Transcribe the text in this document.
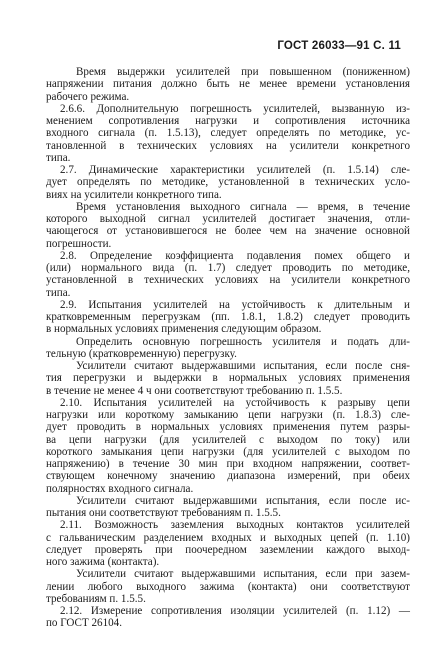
ГОСТ 26033—91 С. 11
Время выдержки усилителей при повышенном (пониженном)
напряжении питания должно быть не менее времени установления
рабочего режима.
2.6.6. Дополнительную погрешность усилителей, вызванную из-
менением сопротивления нагрузки и сопротивления источника
входного сигнала (п. 1.5.13), следует определять по методике, ус-
тановленной в технических условиях на усилители конкретного
типа.
2.7. Динамические характеристики усилителей (п. 1.5.14) сле-
дует определять по методике, установленной в технических усло-
виях на усилители конкретного типа.
Время установления выходного сигнала — время, в течение
которого выходной сигнал усилителей достигает значения, отли-
чающегося от установившегося не более чем на значение основной
погрешности.
2.8. Определение коэффициента подавления помех общего и
(или) нормального вида (п. 1.7) следует проводить по методике,
установленной в технических условиях на усилители конкретного
типа.
2.9. Испытания усилителей на устойчивость к длительным и
кратковременным перегрузкам (пп. 1.8.1, 1.8.2) следует проводить
в нормальных условиях применения следующим образом.
Определить основную погрешность усилителя и подать дли-
тельную (кратковременную) перегрузку.
Усилители считают выдержавшими испытания, если после сня-
тия перегрузки и выдержки в нормальных условиях применения
в течение не менее 4 ч они соответствуют требованию п. 1.5.5.
2.10. Испытания усилителей на устойчивость к разрыву цепи
нагрузки или короткому замыканию цепи нагрузки (п. 1.8.3) сле-
дует проводить в нормальных условиях применения путем разры-
ва цепи нагрузки (для усилителей с выходом по току) или
короткого замыкания цепи нагрузки (для усилителей с выходом по
напряжению) в течение 30 мин при входном напряжении, соответ-
ствующем конечному значению диапазона измерений, при обеих
полярностях входного сигнала.
Усилители считают выдержавшими испытания, если после ис-
пытания они соответствуют требованиям п. 1.5.5.
2.11. Возможность заземления выходных контактов усилителей
с гальваническим разделением входных и выходных цепей (п. 1.10)
следует проверять при поочередном заземлении каждого выход-
ного зажима (контакта).
Усилители считают выдержавшими испытания, если при зазем-
лении любого выходного зажима (контакта) они соответствуют
требованиям п. 1.5.5.
2.12. Измерение сопротивления изоляции усилителей (п. 1.12) —
по ГОСТ 26104.
